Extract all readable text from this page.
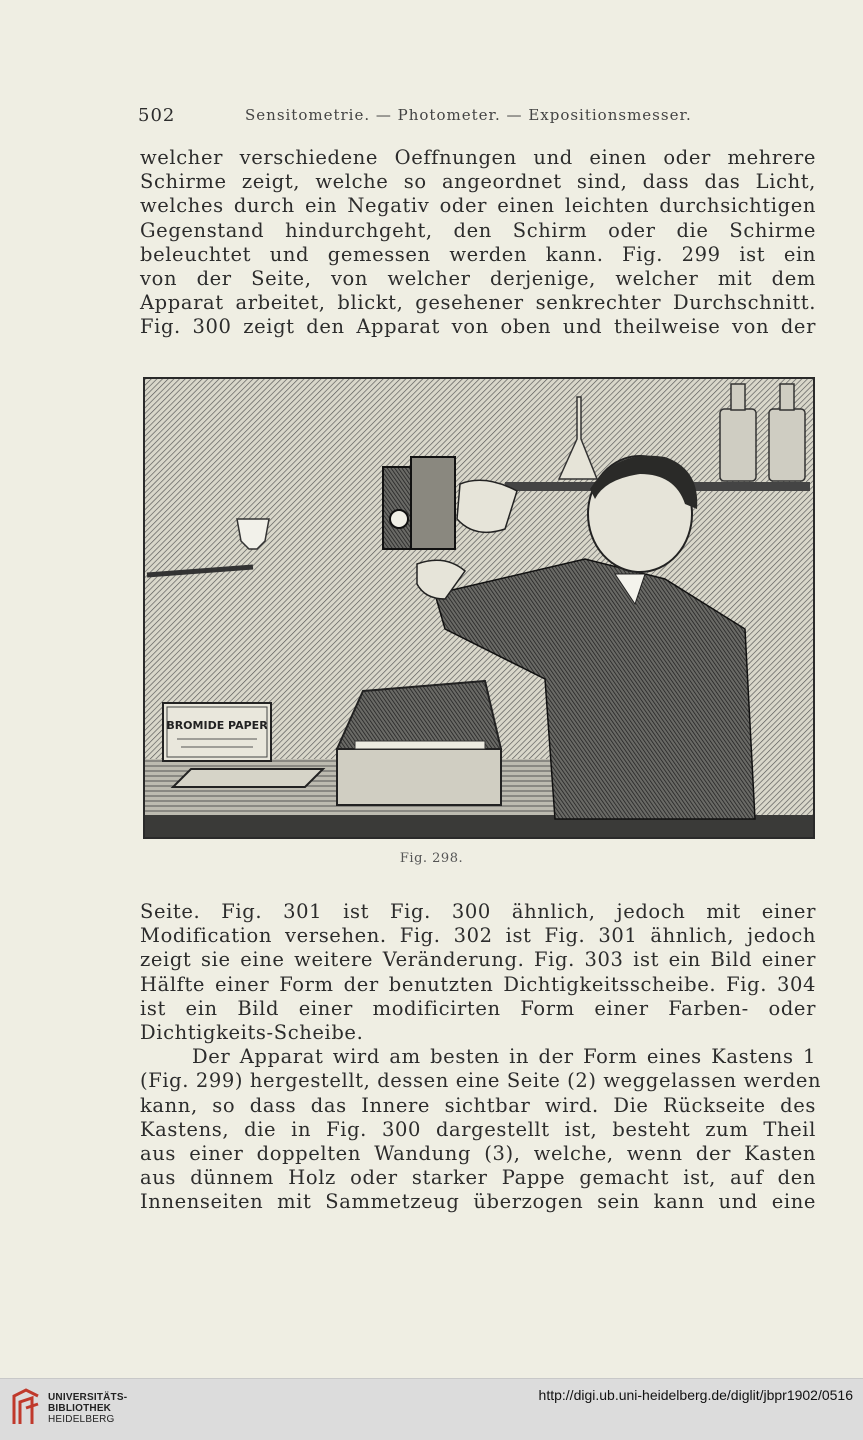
502	Sensitometrie. — Photometer. — Expositionsmesser.
welcher verschiedene Oeffnungen und einen oder mehrere
Schirme zeigt, welche so angeordnet sind, dass das Licht,
welches durch ein Negativ oder einen leichten durchsichtigen
Gegenstand hindurchgeht, den Schirm oder die Schirme
beleuchtet und gemessen werden kann. Fig. 299 ist ein
von der Seite, von welcher derjenige, welcher mit dem
Apparat arbeitet, blickt, gesehener senkrechter Durchschnitt.
Fig. 300 zeigt den Apparat von oben und theilweise von der
BROMIDE PAPER
Fig. 298.
Seite. Fig. 301 ist Fig. 300 ähnlich, jedoch mit einer
Modification versehen. Fig. 302 ist Fig. 301 ähnlich, jedoch
zeigt sie eine weitere Veränderung. Fig. 303 ist ein Bild einer
Hälfte einer Form der benutzten Dichtigkeitsscheibe. Fig. 304
ist ein Bild einer modificirten Form einer Farben- oder
Dichtigkeits-Scheibe.
Der Apparat wird am besten in der Form eines Kastens 1
(Fig. 299) hergestellt, dessen eine Seite (2) weggelassen werden
kann, so dass das Innere sichtbar wird. Die Rückseite des
Kastens, die in Fig. 300 dargestellt ist, besteht zum Theil
aus einer doppelten Wandung (3), welche, wenn der Kasten
aus dünnem Holz oder starker Pappe gemacht ist, auf den
Innenseiten mit Sammetzeug überzogen sein kann und eine
UNIVERSITÄTS-
BIBLIOTHEK
HEIDELBERG
http://digi.ub.uni-heidelberg.de/diglit/jbpr1902/0516
